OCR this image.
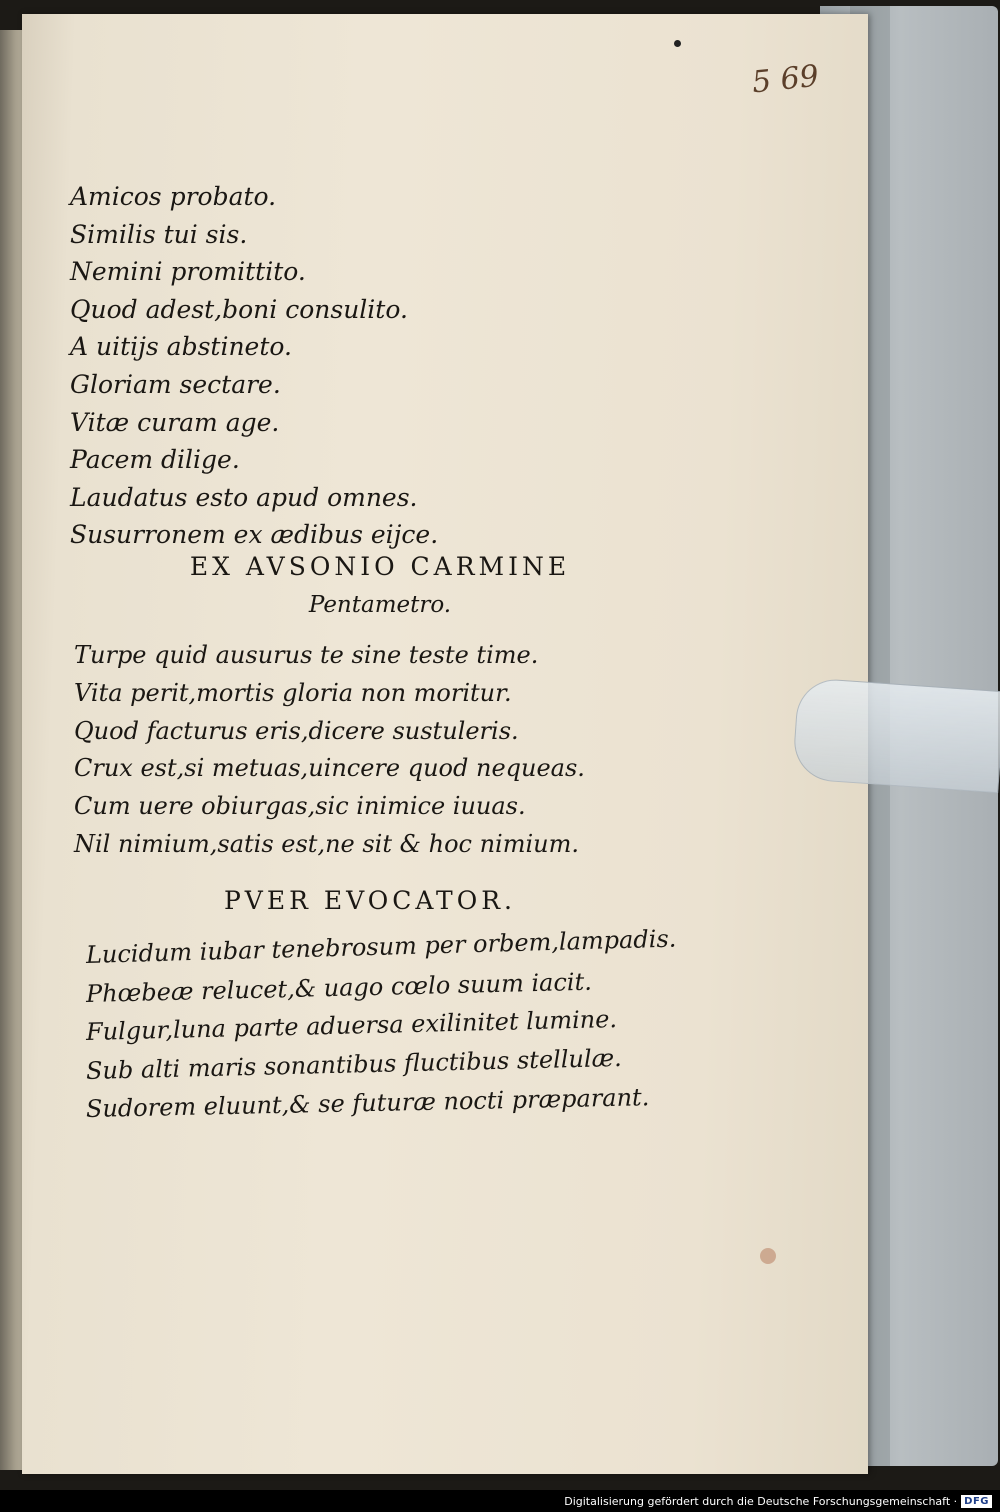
5 69
Amicos probato.
Similis tui sis.
Nemini promittito.
Quod adest,boni consulito.
A uitijs abstineto.
Gloriam sectare.
Vitæ curam age.
Pacem dilige.
Laudatus esto apud omnes.
Susurronem ex ædibus eijce.
EX AVSONIO CARMINE
Pentametro.
Turpe quid ausurus te sine teste time.
Vita perit,mortis gloria non moritur.
Quod facturus eris,dicere sustuleris.
Crux est,si metuas,uincere quod nequeas.
Cum uere obiurgas,sic inimice iuuas.
Nil nimium,satis est,ne sit & hoc nimium.
PVER EVOCATOR.
Lucidum iubar tenebrosum per orbem,lampadis.
Phœbeæ relucet,& uago cœlo suum iacit.
Fulgur,luna parte aduersa exilinitet lumine.
Sub alti maris sonantibus fluctibus stellulæ.
Sudorem eluunt,& se futuræ nocti præparant.
Digitalisierung gefördert durch die Deutsche Forschungsgemeinschaft · DFG
